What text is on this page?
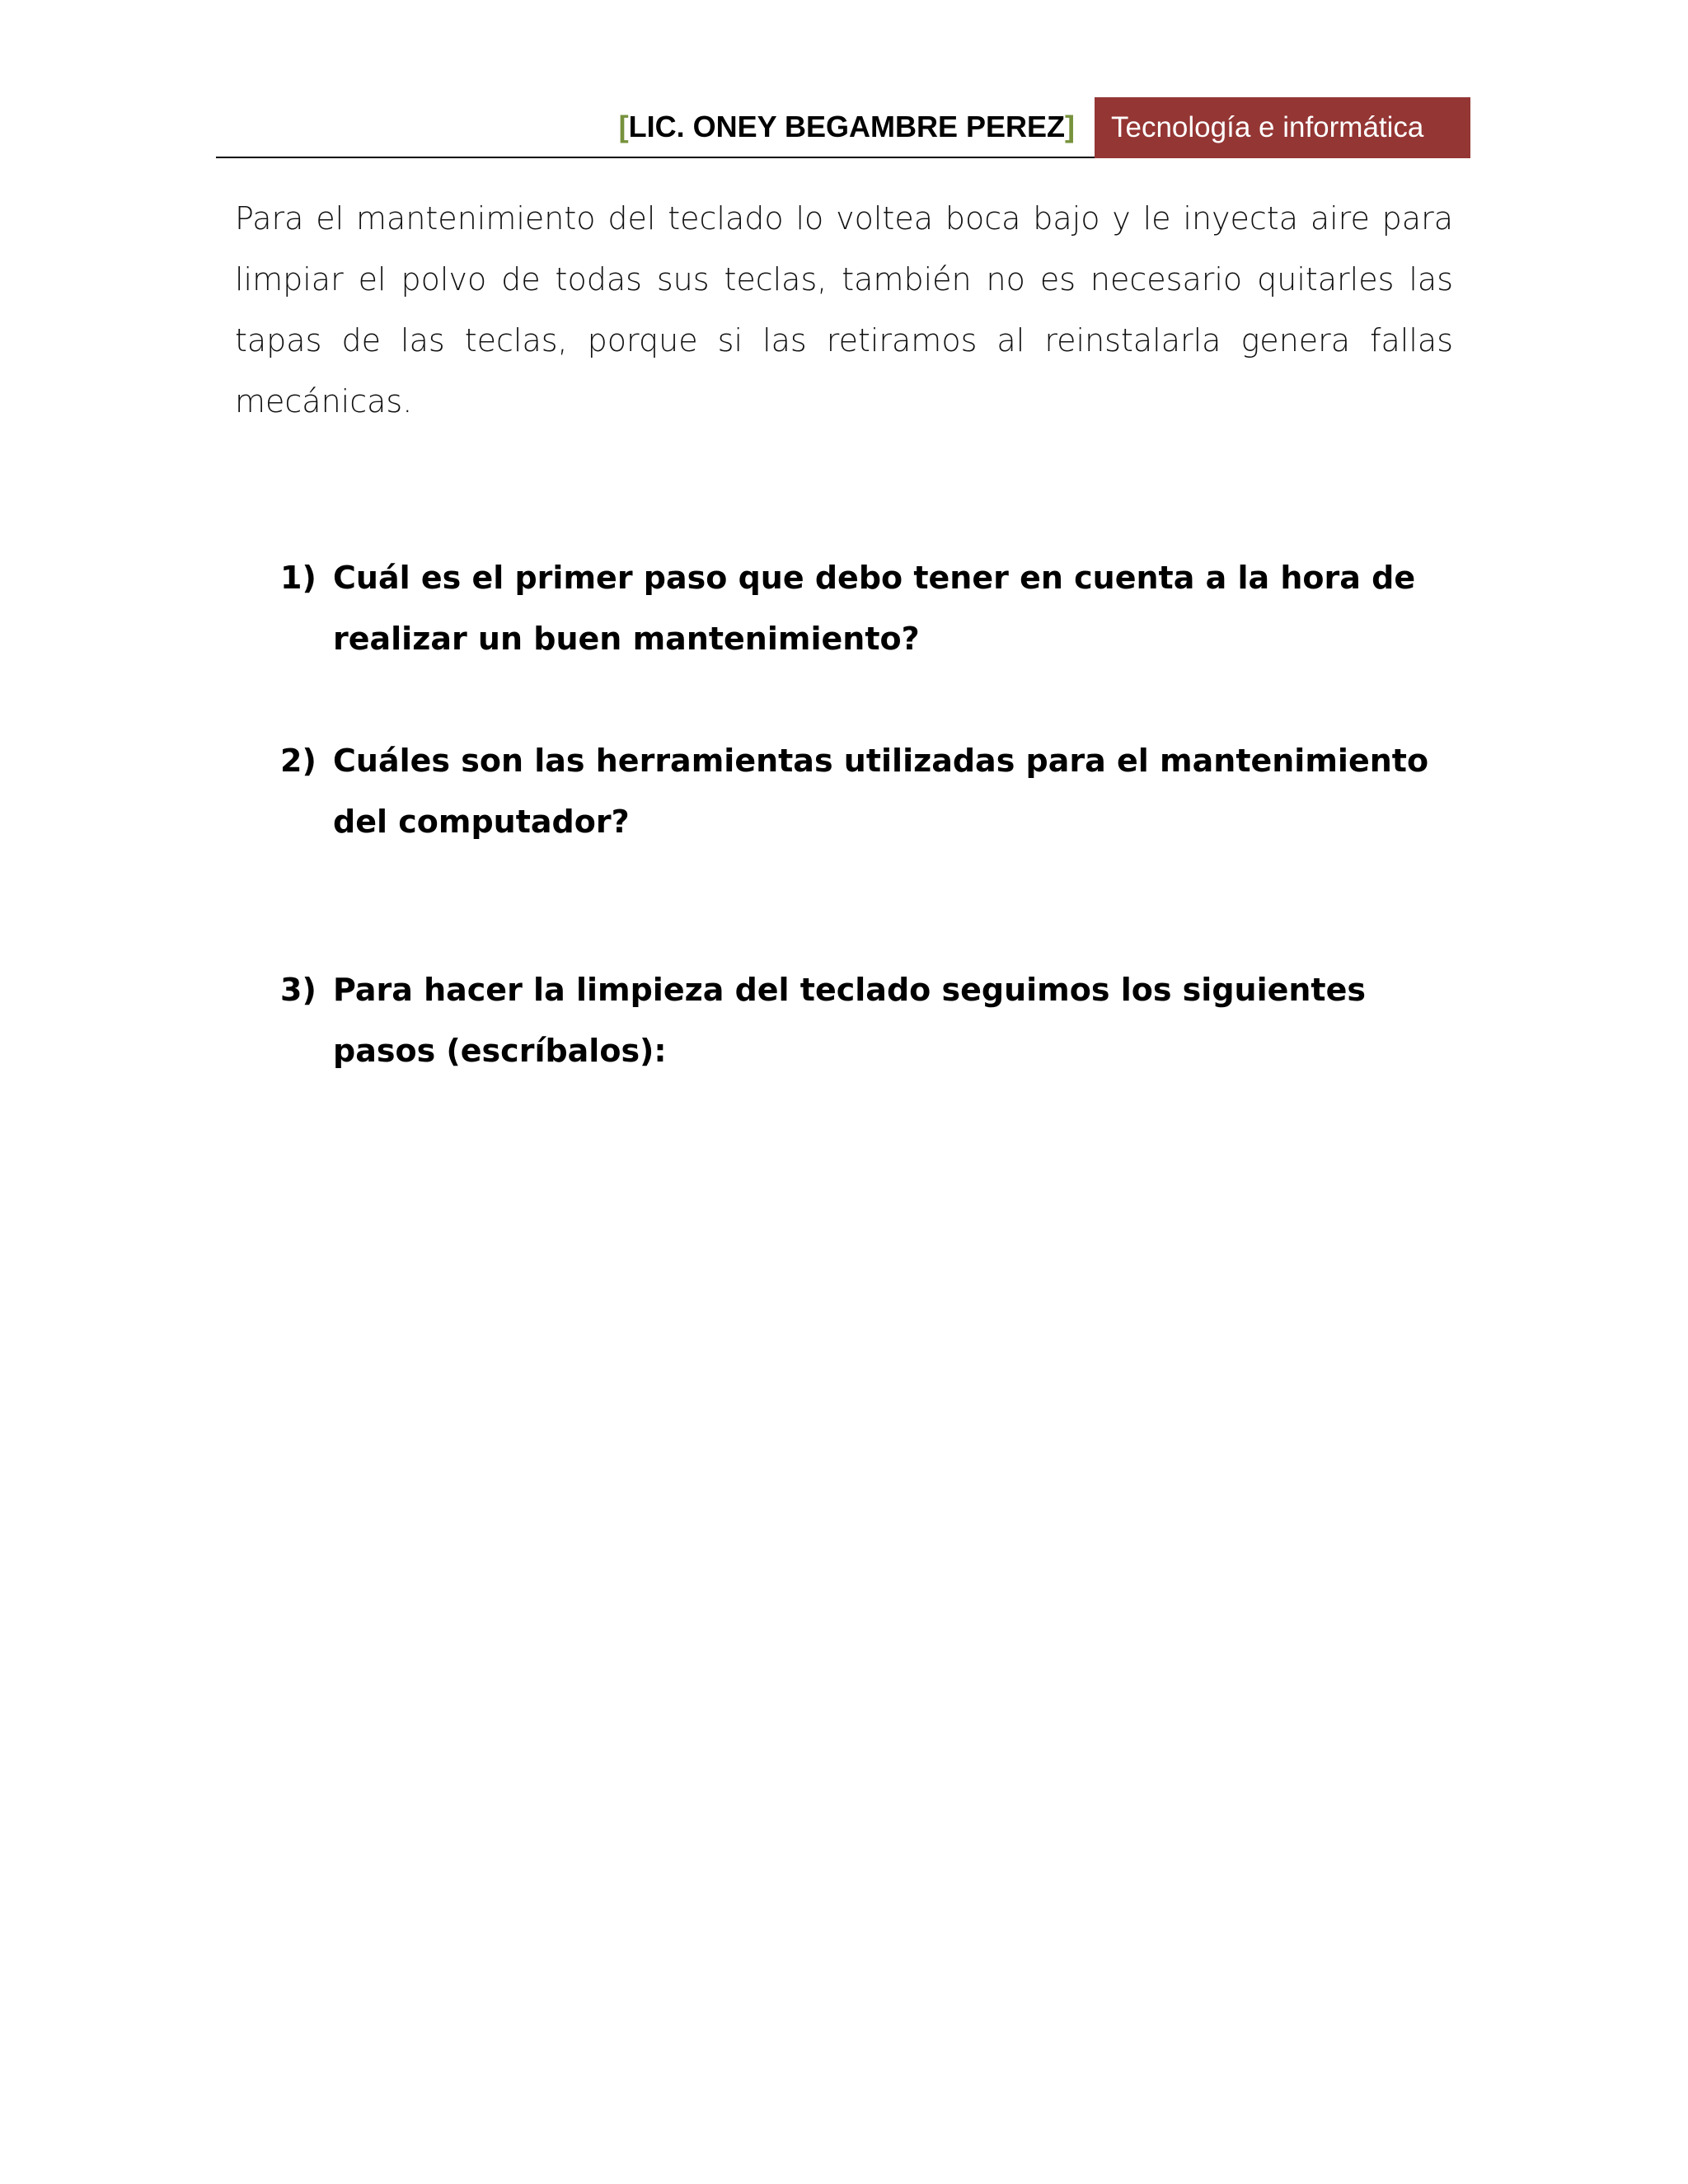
[LIC. ONEY BEGAMBRE PEREZ]	Tecnología e informática

Para el mantenimiento del teclado lo voltea boca bajo y le inyecta aire para limpiar el polvo de todas sus teclas, también no es necesario quitarles las tapas de las teclas, porque si las retiramos al reinstalarla genera fallas mecánicas.

1) Cuál es el primer paso que debo tener en cuenta a la hora de realizar un buen mantenimiento?
2) Cuáles son las herramientas utilizadas para el mantenimiento del computador?
3) Para hacer la limpieza del teclado seguimos los siguientes pasos (escríbalos):
